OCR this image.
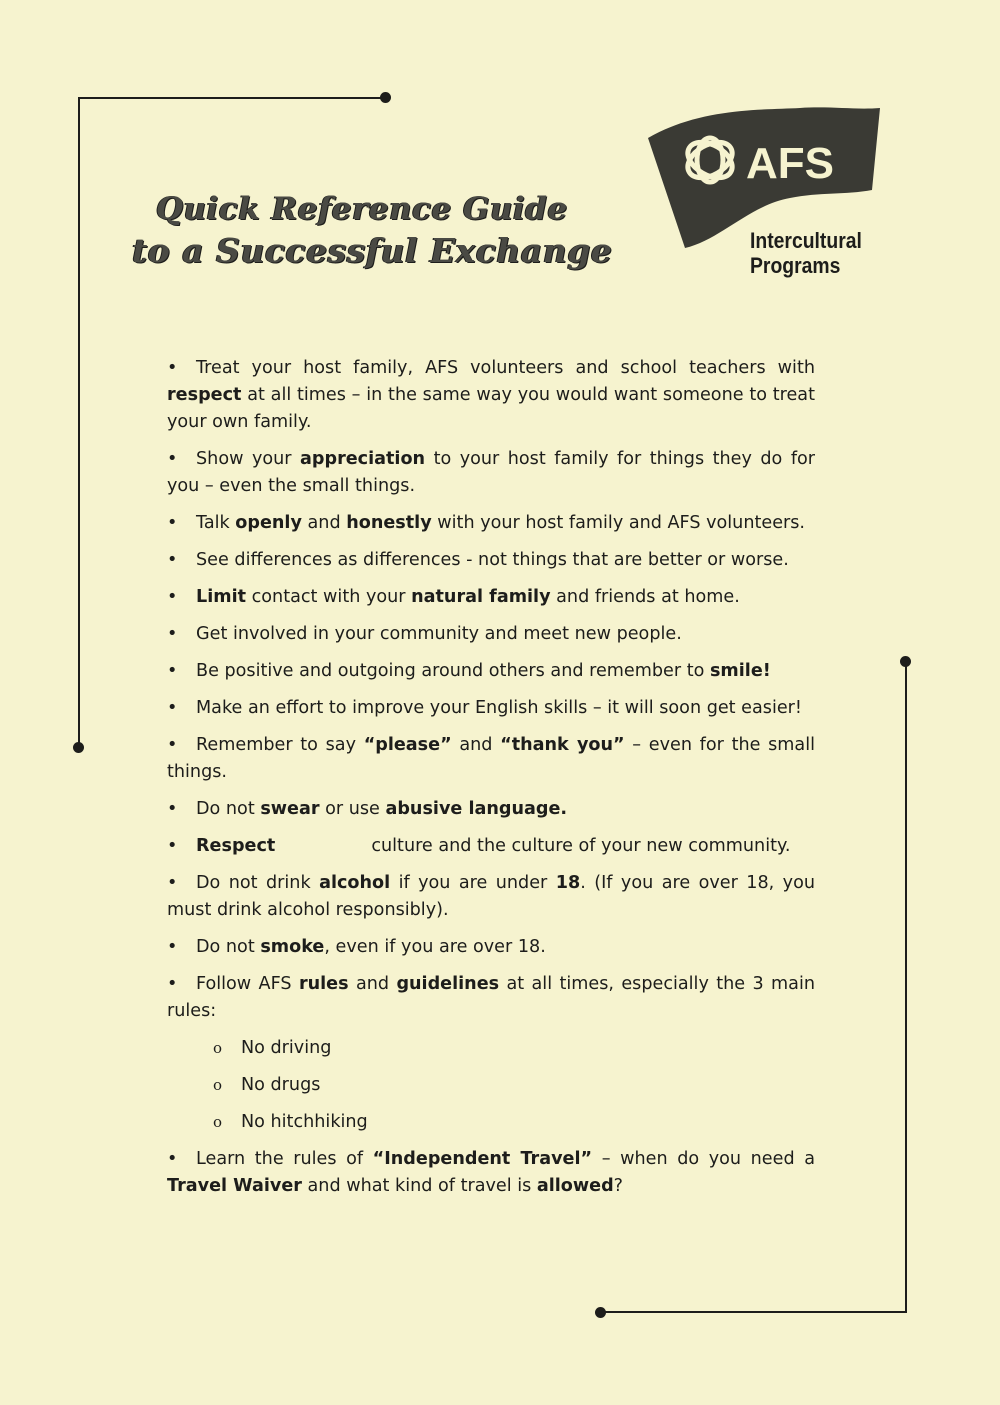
Quick Reference Guide
to a Successful Exchange
AFS
Intercultural
Programs
• Treat your host family, AFS volunteers and school teachers with respect at all times – in the same way you would want someone to treat your own family.
• Show your appreciation to your host family for things they do for you – even the small things.
• Talk openly and honestly with your host family and AFS volunteers.
• See differences as differences - not things that are better or worse.
• Limit contact with your natural family and friends at home.
• Get involved in your community and meet new people.
• Be positive and outgoing around others and remember to smile!
• Make an effort to improve your English skills – it will soon get easier!
• Remember to say “please” and “thank you” – even for the small things.
• Do not swear or use abusive language.
• Respect	culture and the culture of your new community.
• Do not drink alcohol if you are under 18. (If you are over 18, you must drink alcohol responsibly).
• Do not smoke, even if you are over 18.
• Follow AFS rules and guidelines at all times, especially the 3 main rules:
o No driving
o No drugs
o No hitchhiking
• Learn the rules of “Independent Travel” – when do you need a Travel Waiver and what kind of travel is allowed?
